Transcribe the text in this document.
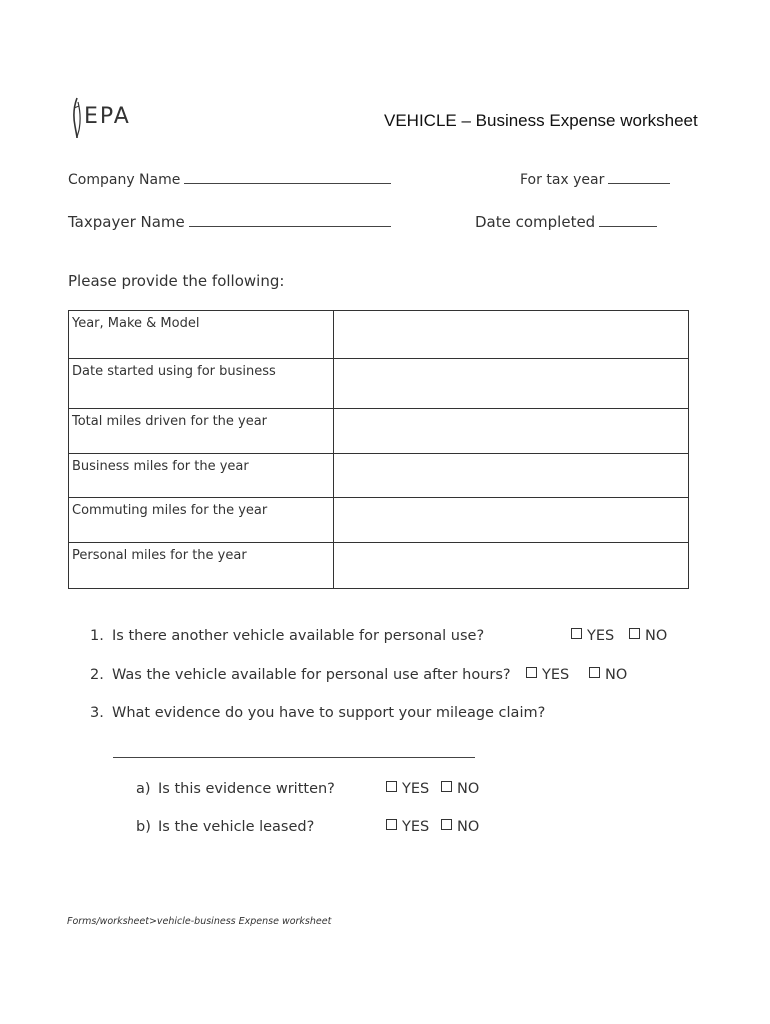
EPA	VEHICLE – Business Expense worksheet
Company Name	For tax year
Taxpayer Name	Date completed
Please provide the following:
Year, Make & Model	
Date started using for business	
Total miles driven for the year	
Business miles for the year	
Commuting miles for the year	
Personal miles for the year	
1. Is there another vehicle available for personal use?	YES	NO
2. Was the vehicle available for personal use after hours?	YES	NO
3. What evidence do you have to support your mileage claim?
a) Is this evidence written?	YES	NO
b) Is the vehicle leased?	YES	NO
Forms/worksheet>vehicle-business Expense worksheet
